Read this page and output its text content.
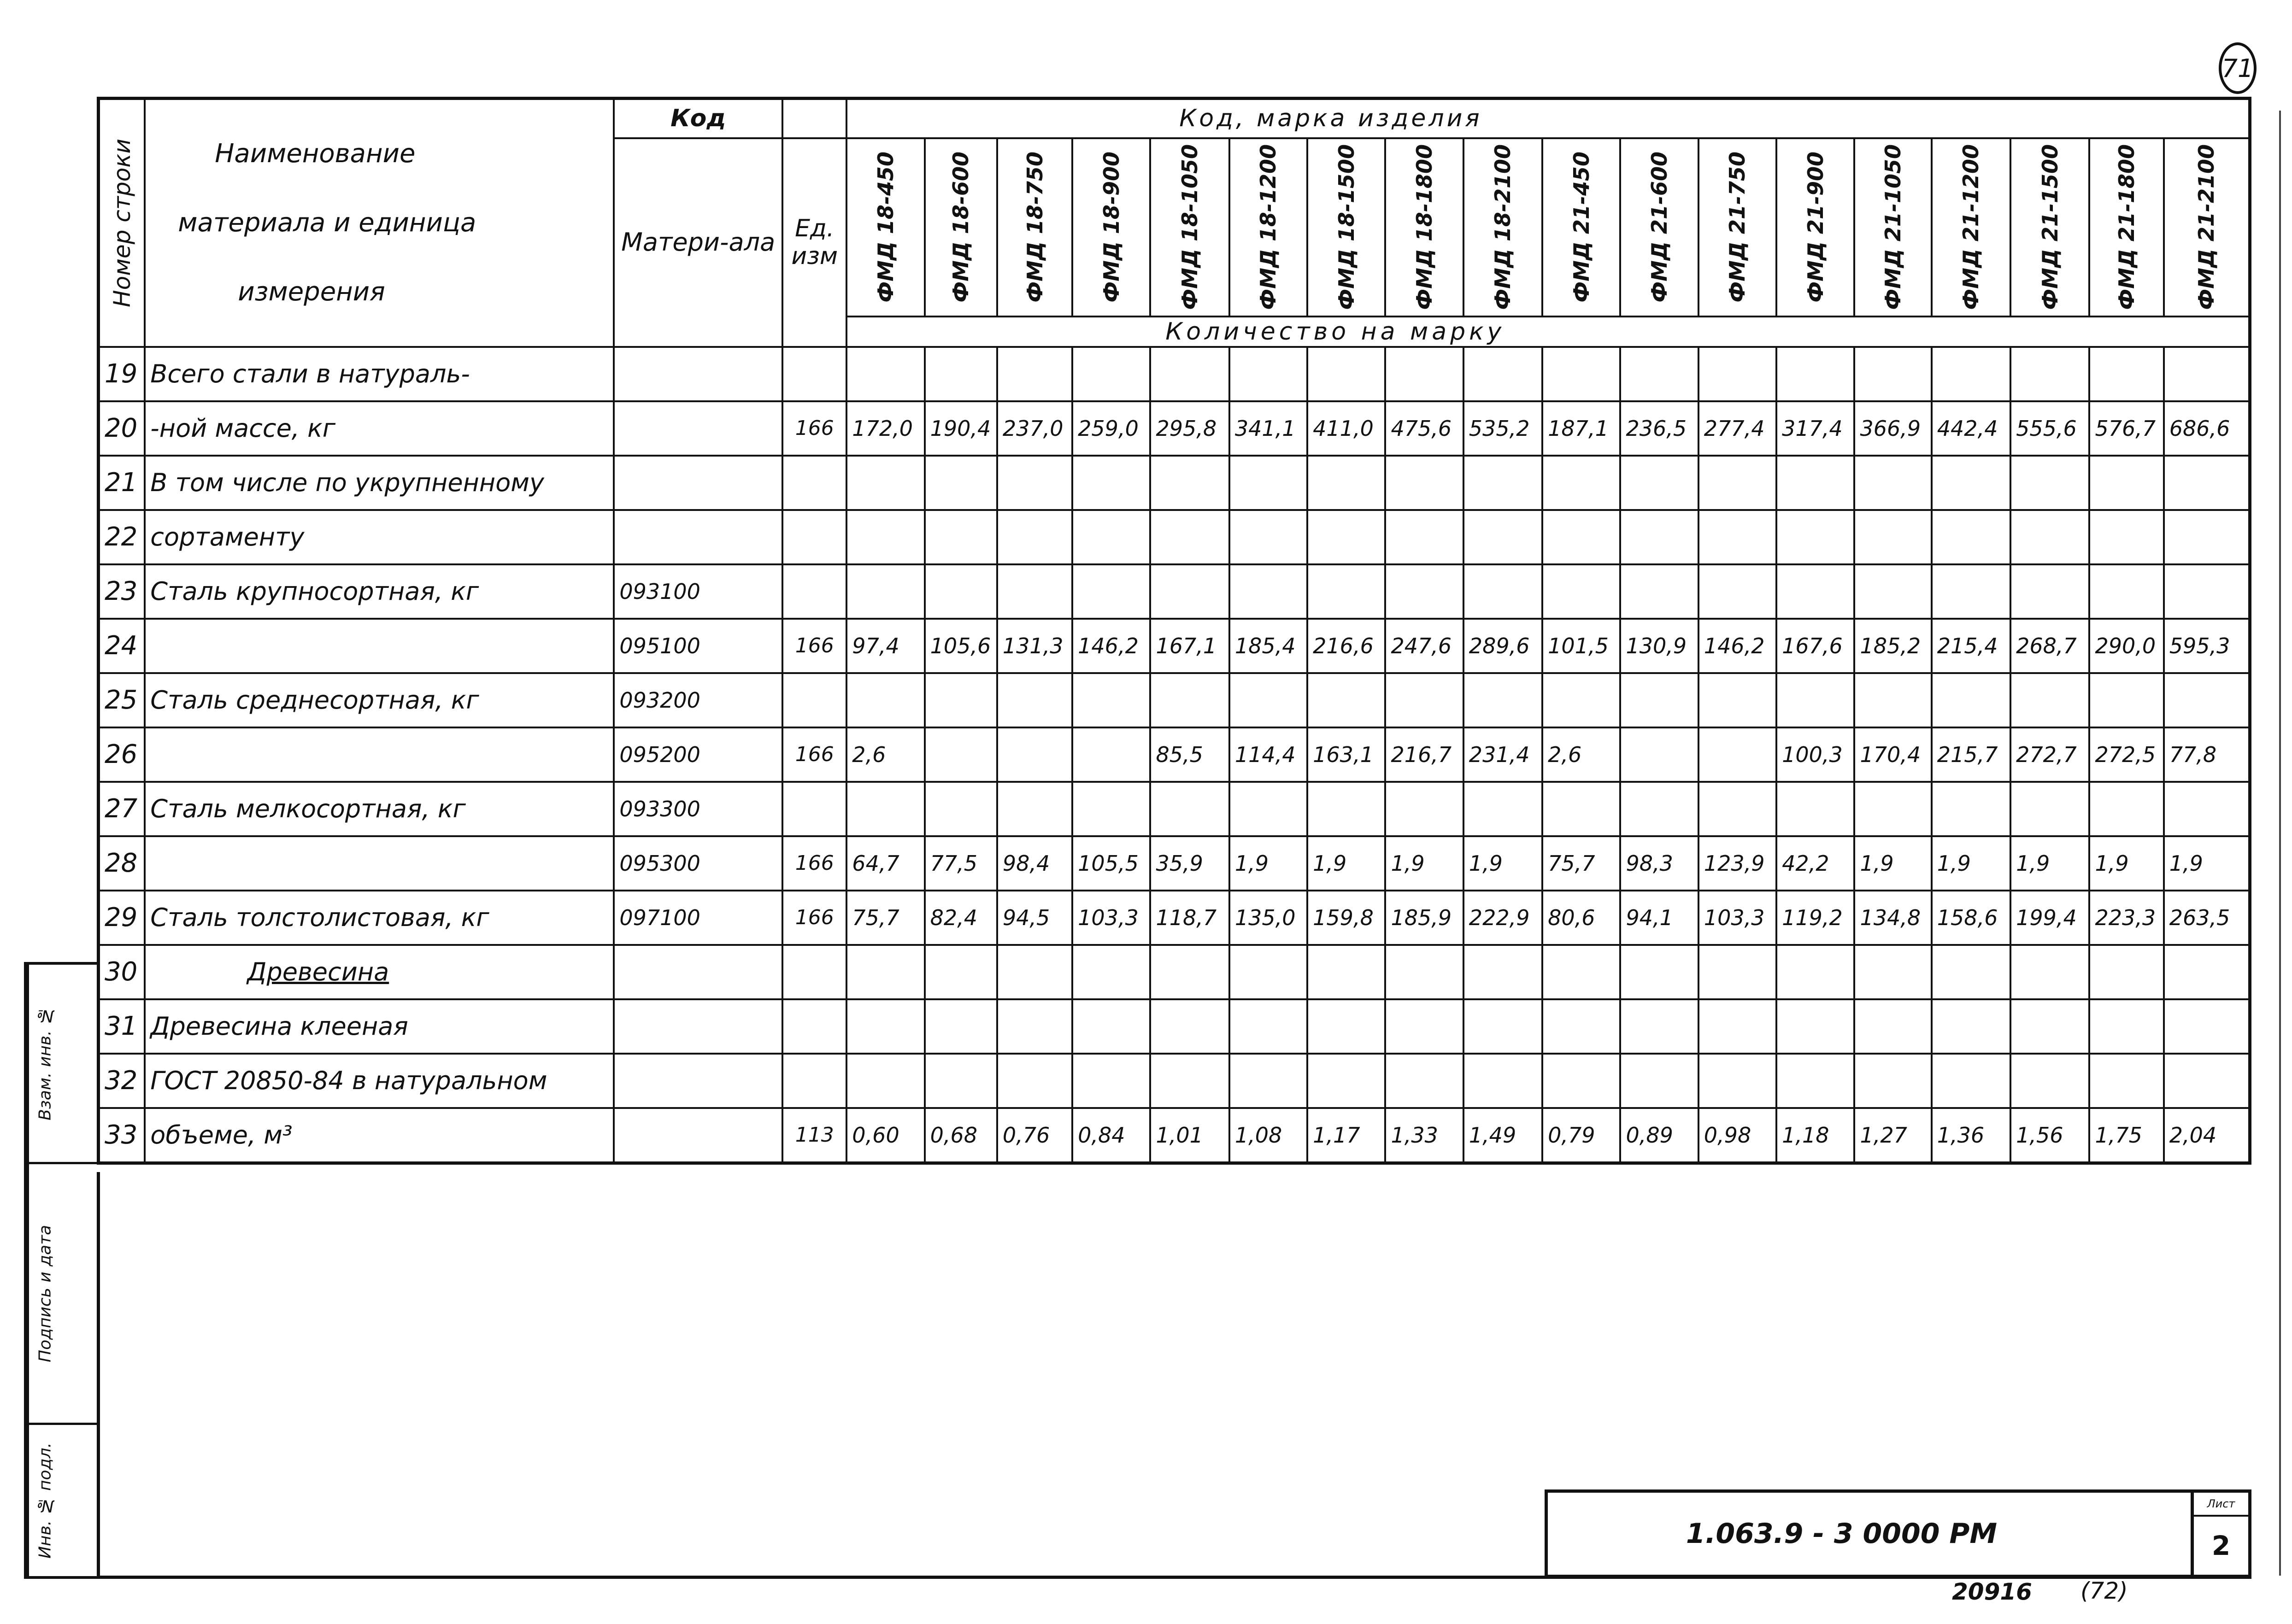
71
Номер строки	Наименование
материала и единица
измерения	Код		Код, марка изделия																	
		Матери-ала	Ед. изм	ФМД 18-450	ФМД 18-600	ФМД 18-750	ФМД 18-900	ФМД 18-1050	ФМД 18-1200	ФМД 18-1500	ФМД 18-1800	ФМД 18-2100	ФМД 21-450	ФМД 21-600	ФМД 21-750	ФМД 21-900	ФМД 21-1050	ФМД 21-1200	ФМД 21-1500	ФМД 21-1800	ФМД 21-2100

				Количество на марку																	
19	Всего стали в натураль-																				
20	-ной массе, кг		166	172,0	190,4	237,0	259,0	295,8	341,1	411,0	475,6	535,2	187,1	236,5	277,4	317,4	366,9	442,4	555,6	576,7	686,6
21	В том числе по укрупненному																				
22	сортаменту																				
23	Сталь крупносортная, кг	093100																			
24		095100	166	97,4	105,6	131,3	146,2	167,1	185,4	216,6	247,6	289,6	101,5	130,9	146,2	167,6	185,2	215,4	268,7	290,0	595,3
25	Сталь среднесортная, кг	093200																			
26		095200	166	2,6				85,5	114,4	163,1	216,7	231,4	2,6			100,3	170,4	215,7	272,7	272,5	77,8
27	Сталь мелкосортная, кг	093300																			
28		095300	166	64,7	77,5	98,4	105,5	35,9	1,9	1,9	1,9	1,9	75,7	98,3	123,9	42,2	1,9	1,9	1,9	1,9	1,9
29	Сталь толстолистовая, кг	097100	166	75,7	82,4	94,5	103,3	118,7	135,0	159,8	185,9	222,9	80,6	94,1	103,3	119,2	134,8	158,6	199,4	223,3	263,5
30	Древесина																				
31	Древесина клееная																				
32	ГОСТ 20850-84 в натуральном																				
33	объеме, м³		113	0,60	0,68	0,76	0,84	1,01	1,08	1,17	1,33	1,49	0,79	0,89	0,98	1,18	1,27	1,36	1,56	1,75	2,04
Взам. инв. №
Подпись и дата
Инв. № подл.	1.063.9 - 3 0000 РМ
Лист
2
20916 (72)
